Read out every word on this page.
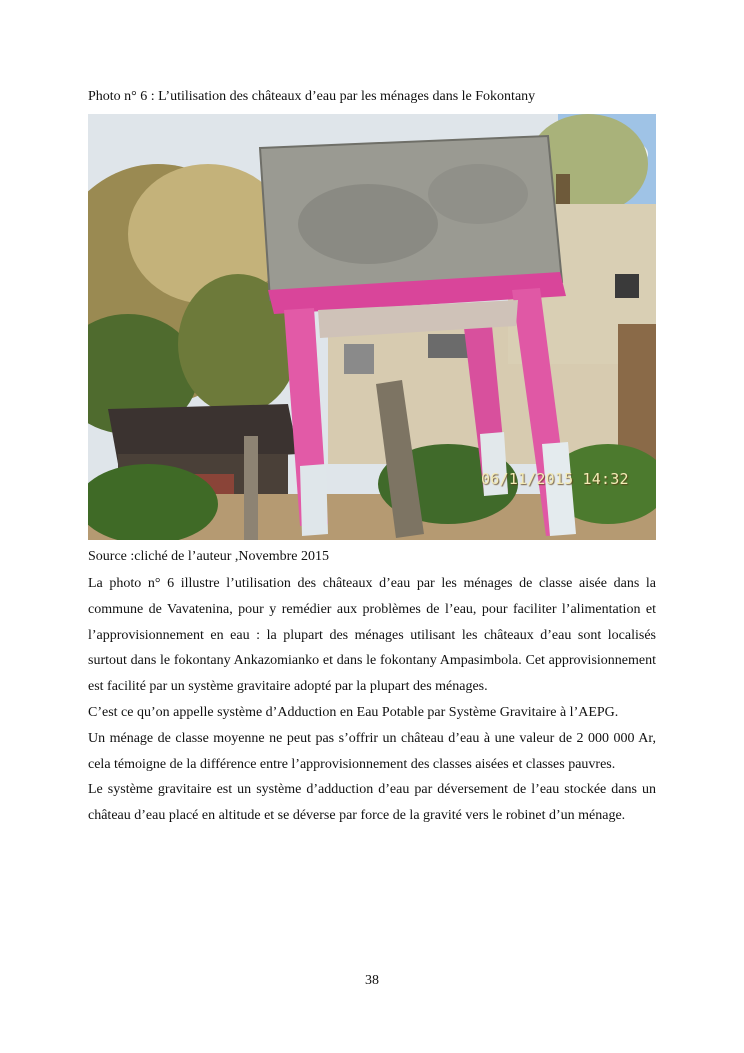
Photo n° 6 : L’utilisation des châteaux d’eau par les ménages dans le Fokontany
06/11/2015 14:32
Source :cliché de l’auteur ,Novembre 2015

La photo n° 6 illustre l’utilisation des châteaux d’eau par les ménages de classe aisée dans la commune de Vavatenina, pour y remédier aux problèmes de l’eau, pour faciliter l’alimentation et l’approvisionnement en eau : la plupart des ménages utilisant les châteaux d’eau sont localisés surtout dans le fokontany Ankazomianko et dans le fokontany Ampasimbola. Cet approvisionnement est facilité par un système gravitaire adopté par la plupart des ménages.

C’est ce qu’on appelle système d’Adduction en Eau Potable par Système Gravitaire à l’AEPG.

Un ménage de classe moyenne ne peut pas s’offrir un château d’eau à une valeur de 2 000 000 Ar, cela témoigne de la différence entre l’approvisionnement des classes aisées et classes pauvres.

Le système gravitaire est un système d’adduction d’eau par déversement de l’eau stockée dans un château d’eau placé en altitude et se déverse par force de la gravité vers le robinet d’un ménage.

38
